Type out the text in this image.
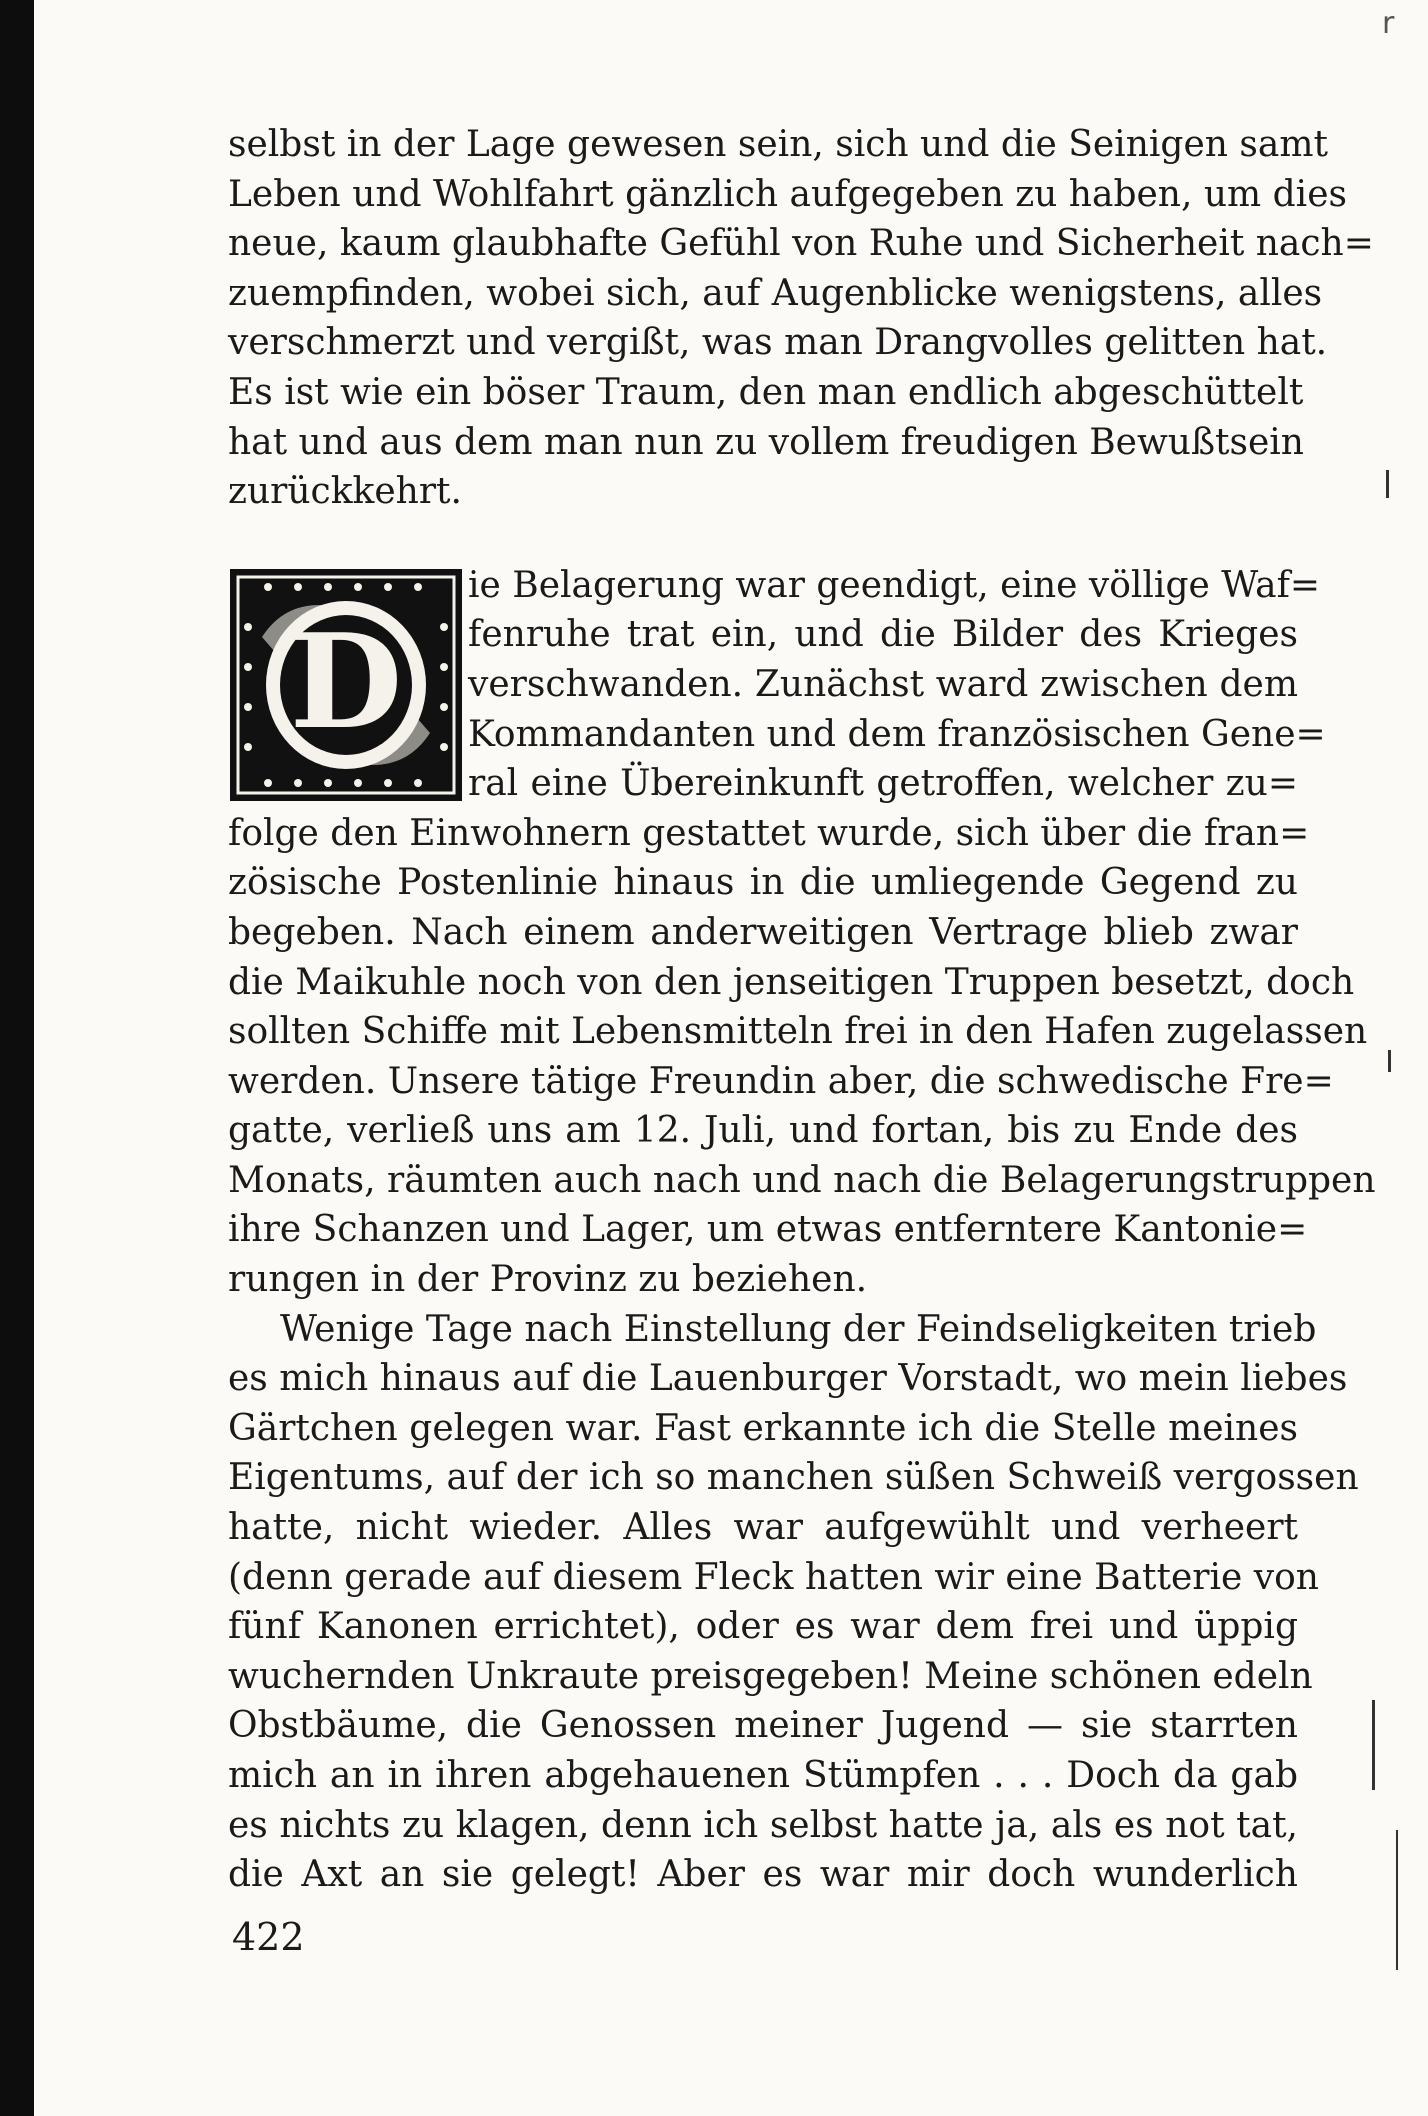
r
selbst in der Lage gewesen sein, sich und die Seinigen samt
Leben und Wohlfahrt gänzlich aufgegeben zu haben, um dies
neue, kaum glaubhafte Gefühl von Ruhe und Sicherheit nach=
zuempfinden, wobei sich, auf Augenblicke wenigstens, alles
verschmerzt und vergißt, was man Drangvolles gelitten hat.
Es ist wie ein böser Traum, den man endlich abgeschüttelt
hat und aus dem man nun zu vollem freudigen Bewußtsein
zurückkehrt.
D
ie Belagerung war geendigt, eine völlige Waf=
fenruhe trat ein, und die Bilder des Krieges
verschwanden. Zunächst ward zwischen dem
Kommandanten und dem französischen Gene=
ral eine Übereinkunft getroffen, welcher zu=
folge den Einwohnern gestattet wurde, sich über die fran=
zösische Postenlinie hinaus in die umliegende Gegend zu
begeben. Nach einem anderweitigen Vertrage blieb zwar
die Maikuhle noch von den jenseitigen Truppen besetzt, doch
sollten Schiffe mit Lebensmitteln frei in den Hafen zugelassen
werden. Unsere tätige Freundin aber, die schwedische Fre=
gatte, verließ uns am 12. Juli, und fortan, bis zu Ende des
Monats, räumten auch nach und nach die Belagerungstruppen
ihre Schanzen und Lager, um etwas entferntere Kantonie=
rungen in der Provinz zu beziehen.
Wenige Tage nach Einstellung der Feindseligkeiten trieb
es mich hinaus auf die Lauenburger Vorstadt, wo mein liebes
Gärtchen gelegen war. Fast erkannte ich die Stelle meines
Eigentums, auf der ich so manchen süßen Schweiß vergossen
hatte, nicht wieder. Alles war aufgewühlt und verheert
(denn gerade auf diesem Fleck hatten wir eine Batterie von
fünf Kanonen errichtet), oder es war dem frei und üppig
wuchernden Unkraute preisgegeben! Meine schönen edeln
Obstbäume, die Genossen meiner Jugend — sie starrten
mich an in ihren abgehauenen Stümpfen . . . Doch da gab
es nichts zu klagen, denn ich selbst hatte ja, als es not tat,
die Axt an sie gelegt! Aber es war mir doch wunderlich
422
